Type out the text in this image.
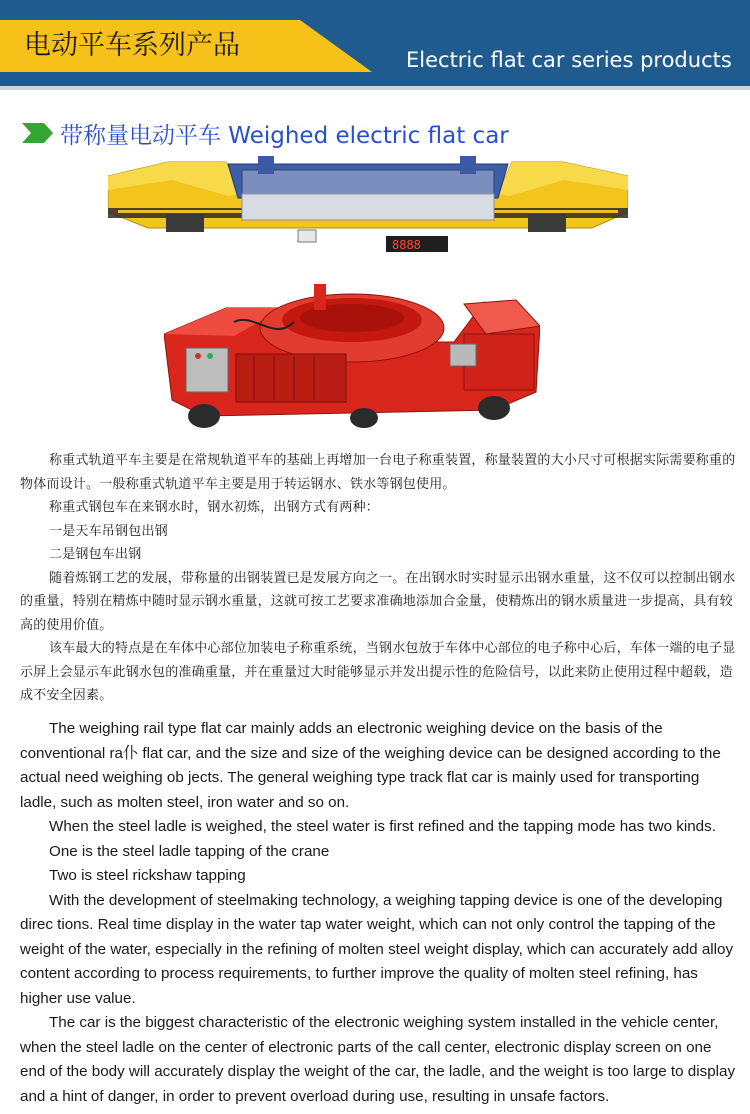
电动平车系列产品	Electric flat car series products
带称量电动平车 Weighed electric flat car
8888

称重式轨道平车主要是在常规轨道平车的基础上再增加一台电子称重装置，称量装置的大小尺寸可根据实际需要称重的物体而设计。一般称重式轨道平车主要是用于转运钢水、铁水等钢包使用。

称重式钢包车在来钢水时，钢水初炼，出钢方式有两种：

一是天车吊钢包出钢

二是钢包车出钢

随着炼钢工艺的发展，带称量的出钢装置已是发展方向之一。在出钢水时实时显示出钢水重量，这不仅可以控制出钢水的重量，特别在精炼中随时显示钢水重量，这就可按工艺要求准确地添加合金量，使精炼出的钢水质量进一步提高，具有较高的使用价值。

该车最大的特点是在车体中心部位加装电子称重系统，当钢水包放于车体中心部位的电子称中心后，车体一端的电子显示屏上会显示车此钢水包的准确重量，并在重量过大时能够显示并发出提示性的危险信号，以此来防止使用过程中超载，造成不安全因素。

The weighing rail type flat car mainly adds an electronic weighing device on the basis of the conventional ra仆 flat car, and the size and size of the weighing device can be designed according to the actual need weighing ob jects. The general weighing type track flat car is mainly used for transporting ladle, such as molten steel, iron water and so on.

When the steel ladle is weighed, the steel water is first refined and the tapping mode has two kinds.

One is the steel ladle tapping of the crane

Two is steel rickshaw tapping

With the development of steelmaking technology, a weighing tapping device is one of the developing direc tions. Real time display in the water tap water weight, which can not only control the tapping of the weight of the water, especially in the refining of molten steel weight display, which can accurately add alloy content according to process requirements, to further improve the quality of molten steel refining, has higher use value.

The car is the biggest characteristic of the electronic weighing system installed in the vehicle center, when the steel ladle on the center of electronic parts of the call center, electronic display screen on one end of the body will accurately display the weight of the car, the ladle, and the weight is too large to display and a hint of danger, in order to prevent overload during use, resulting in unsafe factors.
